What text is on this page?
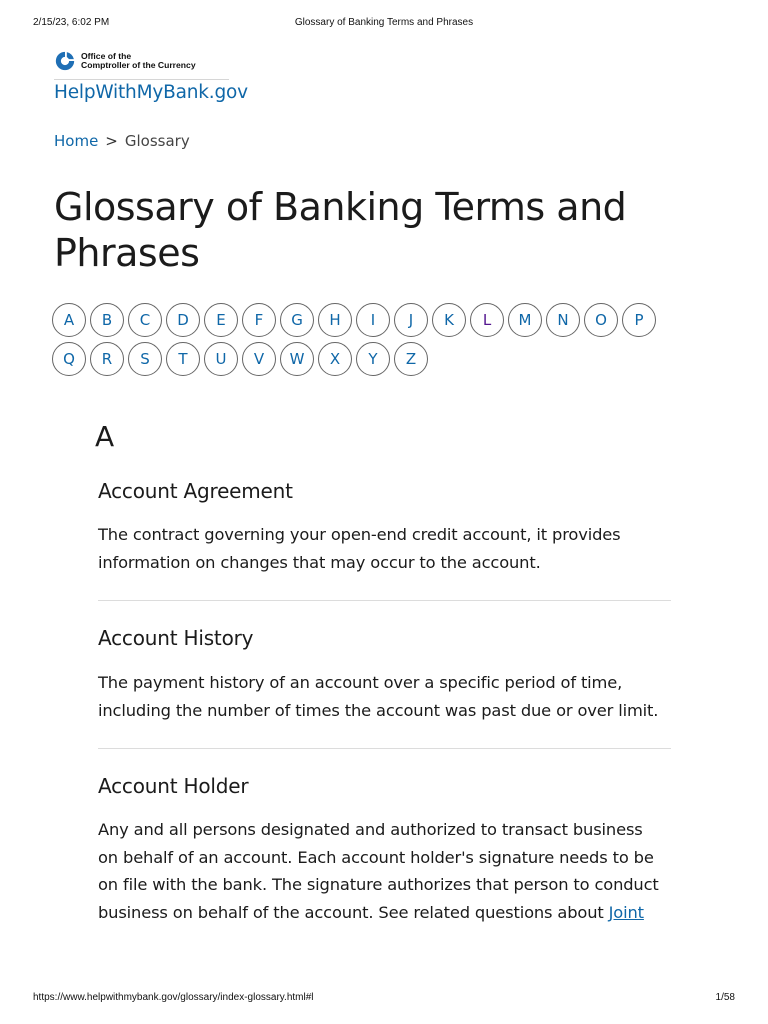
2/15/23, 6:02 PM	Glossary of Banking Terms and Phrases
Office of the
Comptroller of the Currency
HelpWithMyBank.gov
Home > Glossary
Glossary of Banking Terms and
Phrases
A	B	C	D	E	F	G	H	I	J	K	L	M	N	O	P
Q	R	S	T	U	V	W	X	Y	Z
A
Account Agreement

The contract governing your open-end credit account, it provides
information on changes that may occur to the account.

Account History

The payment history of an account over a specific period of time,
including the number of times the account was past due or over limit.

Account Holder

Any and all persons designated and authorized to transact business
on behalf of an account. Each account holder's signature needs to be
on file with the bank. The signature authorizes that person to conduct
business on behalf of the account. See related questions about Joint

https://www.helpwithmybank.gov/glossary/index-glossary.html#l	1/58
